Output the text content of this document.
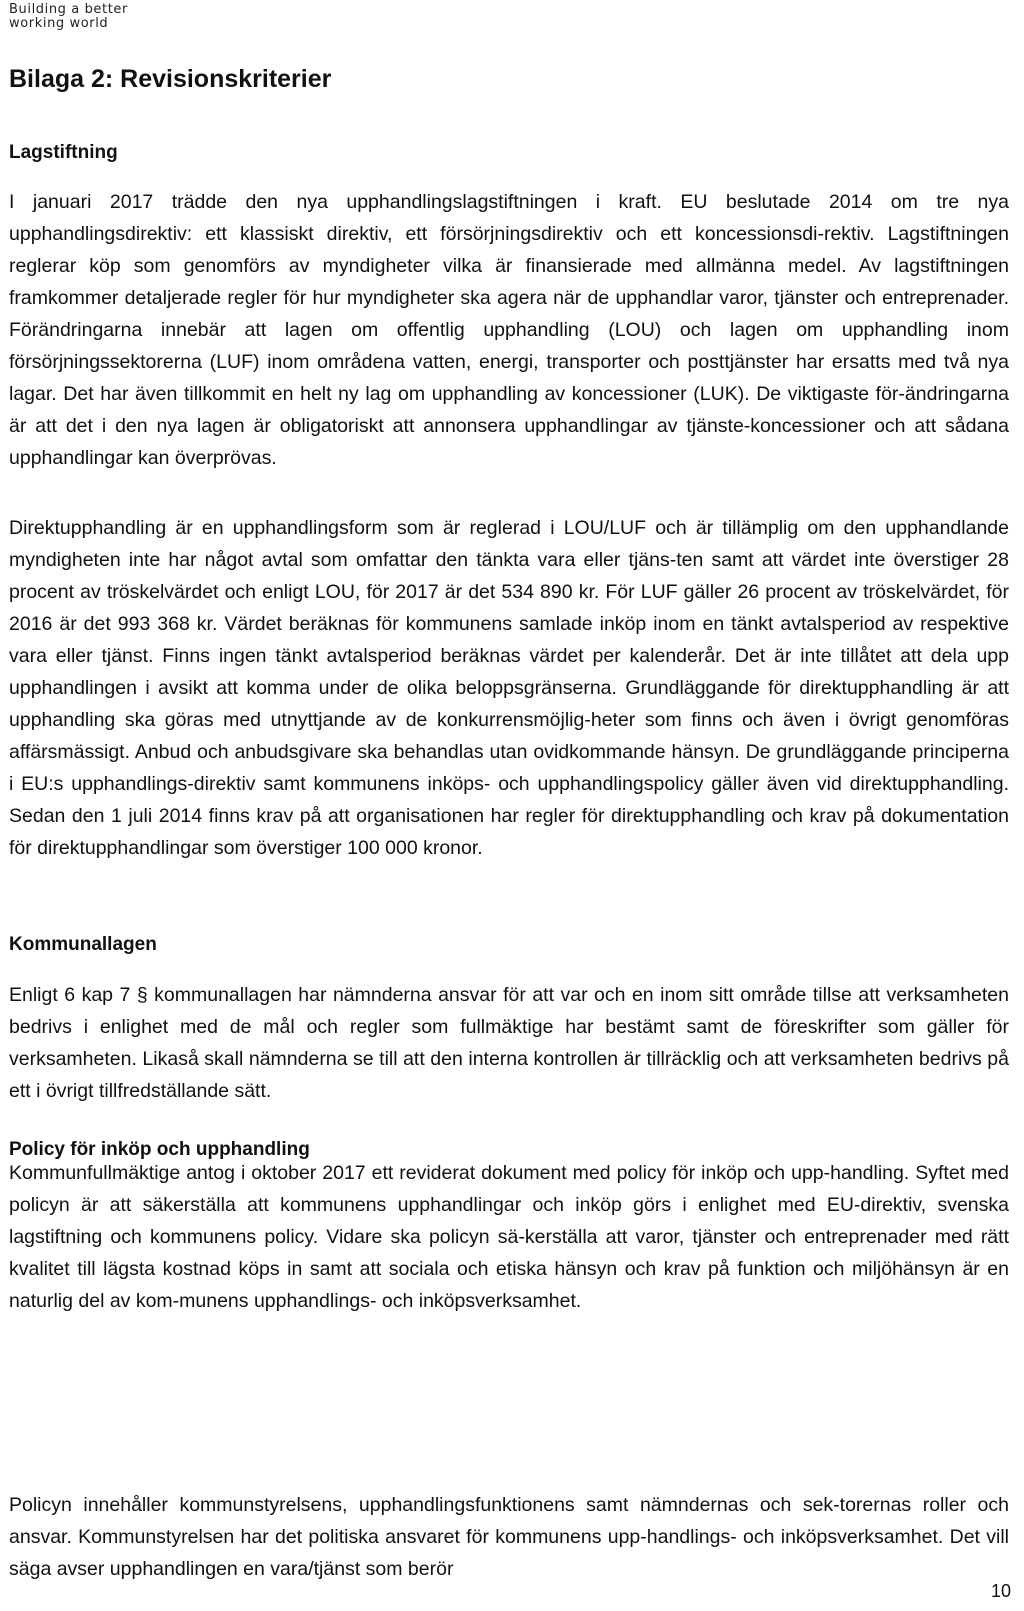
Building a better
working world
Bilaga 2: Revisionskriterier
Lagstiftning

I januari 2017 trädde den nya upphandlingslagstiftningen i kraft. EU beslutade 2014 om tre nya upphandlingsdirektiv: ett klassiskt direktiv, ett försörjningsdirektiv och ett koncessionsdi-rektiv. Lagstiftningen reglerar köp som genomförs av myndigheter vilka är finansierade med allmänna medel. Av lagstiftningen framkommer detaljerade regler för hur myndigheter ska agera när de upphandlar varor, tjänster och entreprenader. Förändringarna innebär att lagen om offentlig upphandling (LOU) och lagen om upphandling inom försörjningssektorerna (LUF) inom områdena vatten, energi, transporter och posttjänster har ersatts med två nya lagar. Det har även tillkommit en helt ny lag om upphandling av koncessioner (LUK). De viktigaste för-ändringarna är att det i den nya lagen är obligatoriskt att annonsera upphandlingar av tjänste-koncessioner och att sådana upphandlingar kan överprövas.

Direktupphandling är en upphandlingsform som är reglerad i LOU/LUF och är tillämplig om den upphandlande myndigheten inte har något avtal som omfattar den tänkta vara eller tjäns-ten samt att värdet inte överstiger 28 procent av tröskelvärdet och enligt LOU, för 2017 är det 534 890 kr. För LUF gäller 26 procent av tröskelvärdet, för 2016 är det 993 368 kr. Värdet beräknas för kommunens samlade inköp inom en tänkt avtalsperiod av respektive vara eller tjänst. Finns ingen tänkt avtalsperiod beräknas värdet per kalenderår. Det är inte tillåtet att dela upp upphandlingen i avsikt att komma under de olika beloppsgränserna. Grundläggande för direktupphandling är att upphandling ska göras med utnyttjande av de konkurrensmöjlig-heter som finns och även i övrigt genomföras affärsmässigt. Anbud och anbudsgivare ska behandlas utan ovidkommande hänsyn. De grundläggande principerna i EU:s upphandlings-direktiv samt kommunens inköps- och upphandlingspolicy gäller även vid direktupphandling. Sedan den 1 juli 2014 finns krav på att organisationen har regler för direktupphandling och krav på dokumentation för direktupphandlingar som överstiger 100 000 kronor.

Kommunallagen

Enligt 6 kap 7 § kommunallagen har nämnderna ansvar för att var och en inom sitt område tillse att verksamheten bedrivs i enlighet med de mål och regler som fullmäktige har bestämt samt de föreskrifter som gäller för verksamheten. Likaså skall nämnderna se till att den interna kontrollen är tillräcklig och att verksamheten bedrivs på ett i övrigt tillfredställande sätt.

Policy för inköp och upphandling

Kommunfullmäktige antog i oktober 2017 ett reviderat dokument med policy för inköp och upp-handling. Syftet med policyn är att säkerställa att kommunens upphandlingar och inköp görs i enlighet med EU-direktiv, svenska lagstiftning och kommunens policy. Vidare ska policyn sä-kerställa att varor, tjänster och entreprenader med rätt kvalitet till lägsta kostnad köps in samt att sociala och etiska hänsyn och krav på funktion och miljöhänsyn är en naturlig del av kom-munens upphandlings- och inköpsverksamhet.

Policyn innehåller kommunstyrelsens, upphandlingsfunktionens samt nämndernas och sek-torernas roller och ansvar. Kommunstyrelsen har det politiska ansvaret för kommunens upp-handlings- och inköpsverksamhet. Det vill säga avser upphandlingen en vara/tjänst som berör

10
